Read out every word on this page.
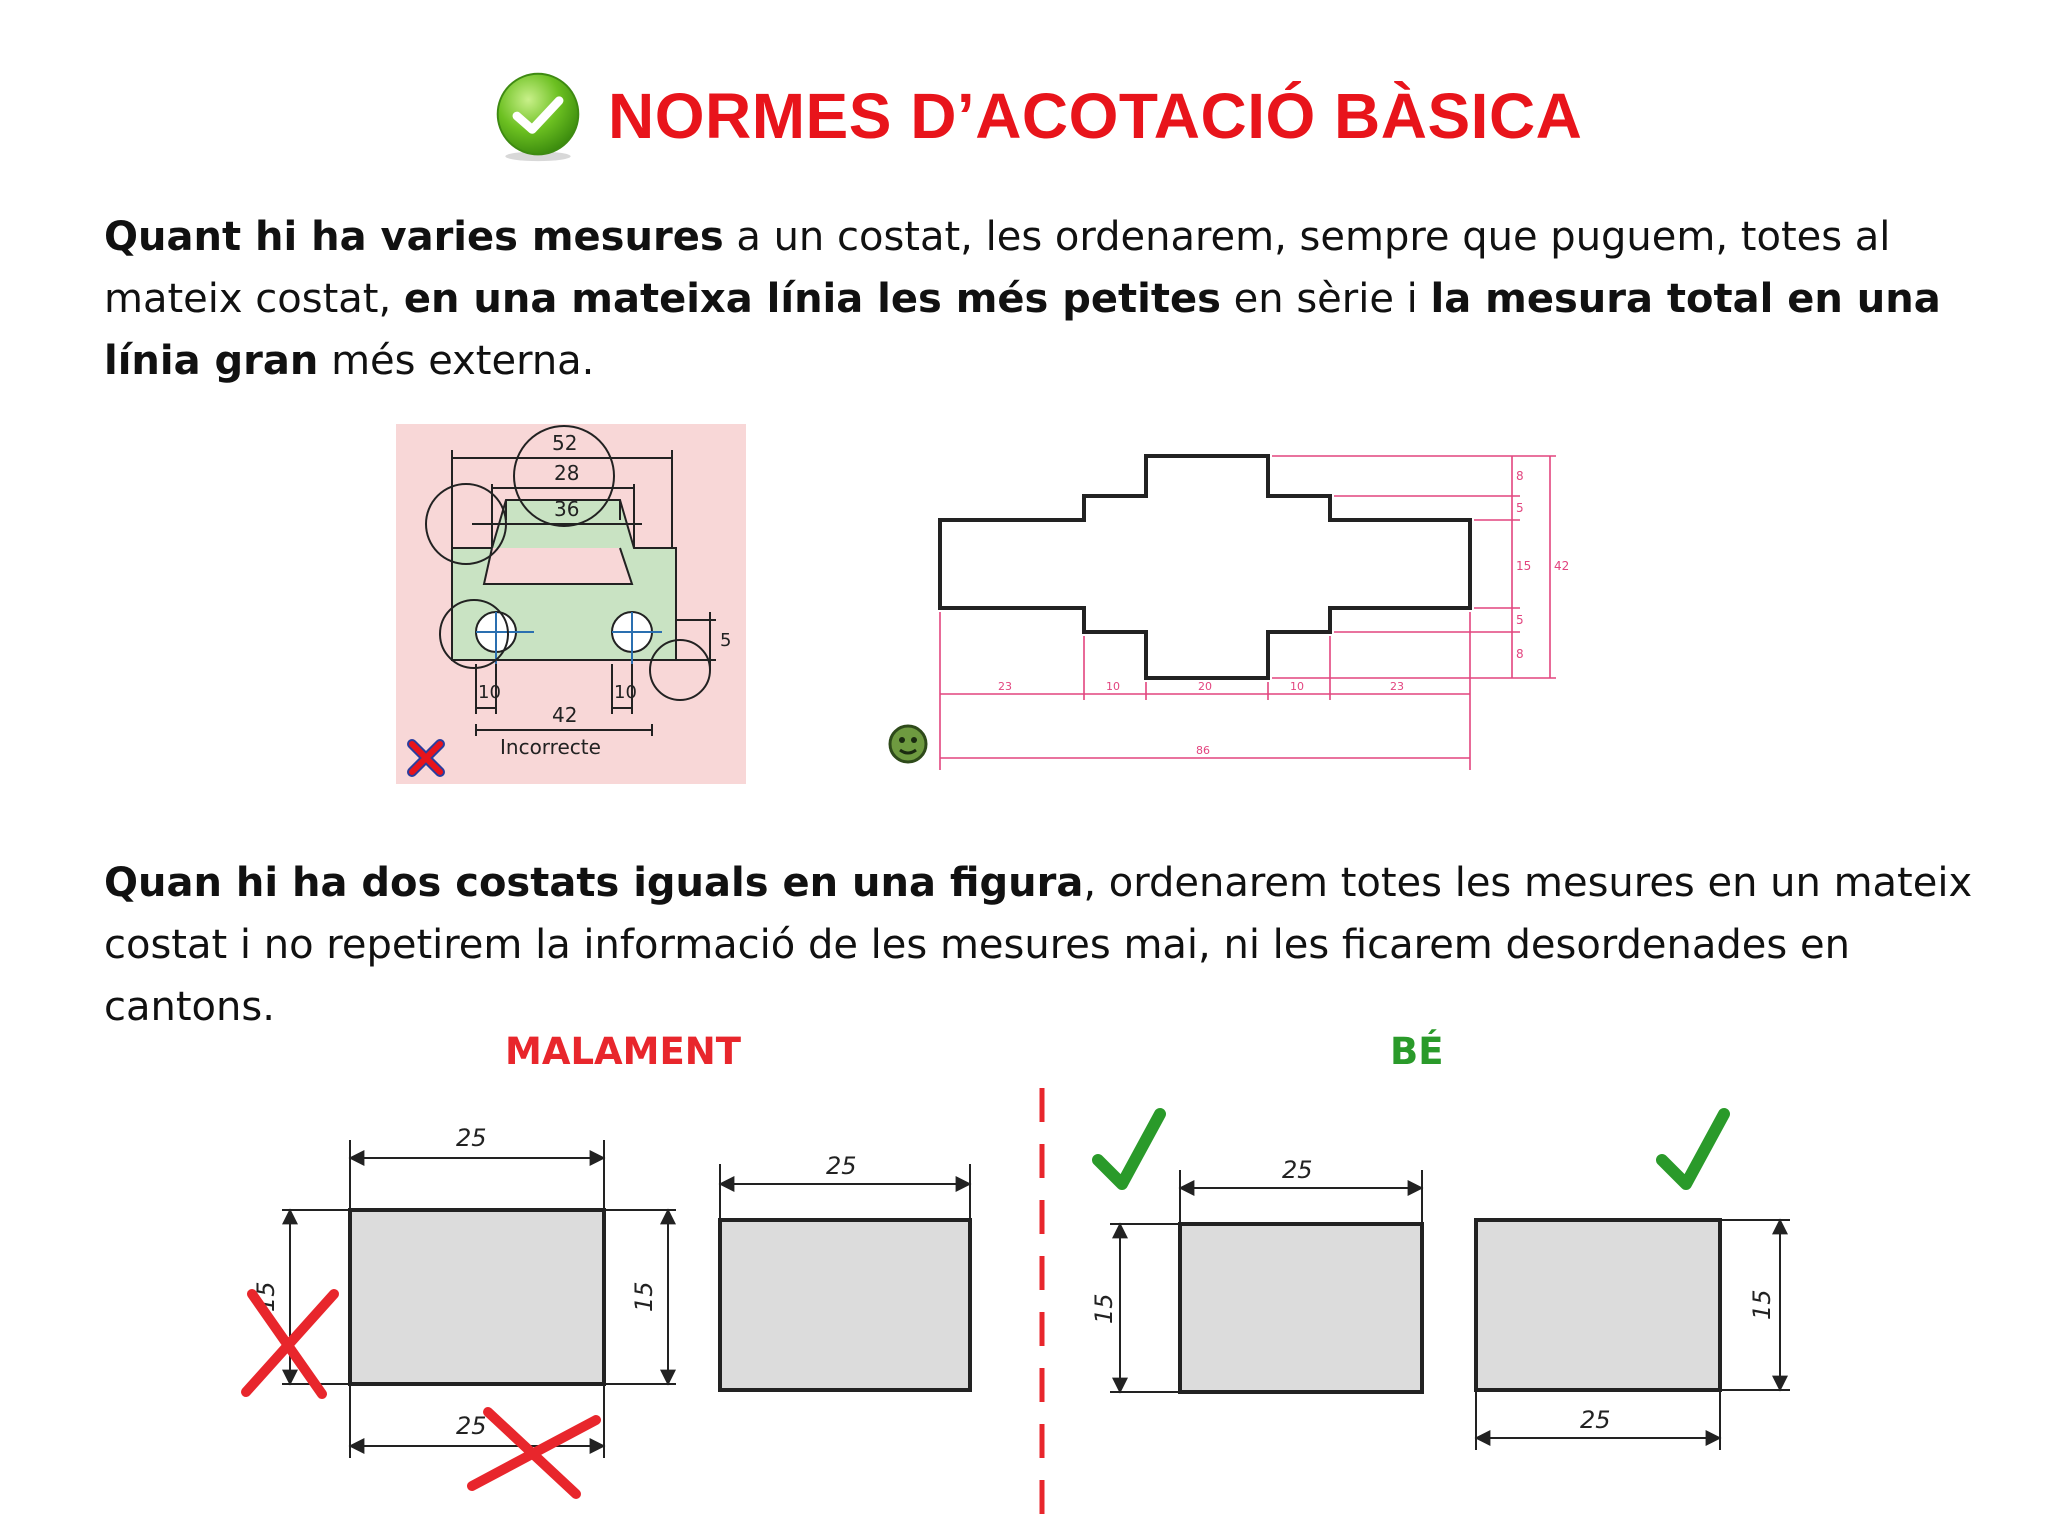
NORMES D’ACOTACIÓ BÀSICA
Quant hi ha varies mesures a un costat, les ordenarem, sempre que puguem, totes al mateix costat, en una mateixa línia les més petites en sèrie i la mesura total en una línia gran més externa.
52
28
36
10	10
42
5
Incorrecte
23	10	20	10	23
86
8
5
15
5
8
42
Quan hi ha dos costats iguals en una figura, ordenarem totes les mesures en un mateix costat i no repetirem la informació de les mesures mai, ni les ficarem desordenades en cantons.
MALAMENT	BÉ
25
15	15
25
25	25
15	15
25
